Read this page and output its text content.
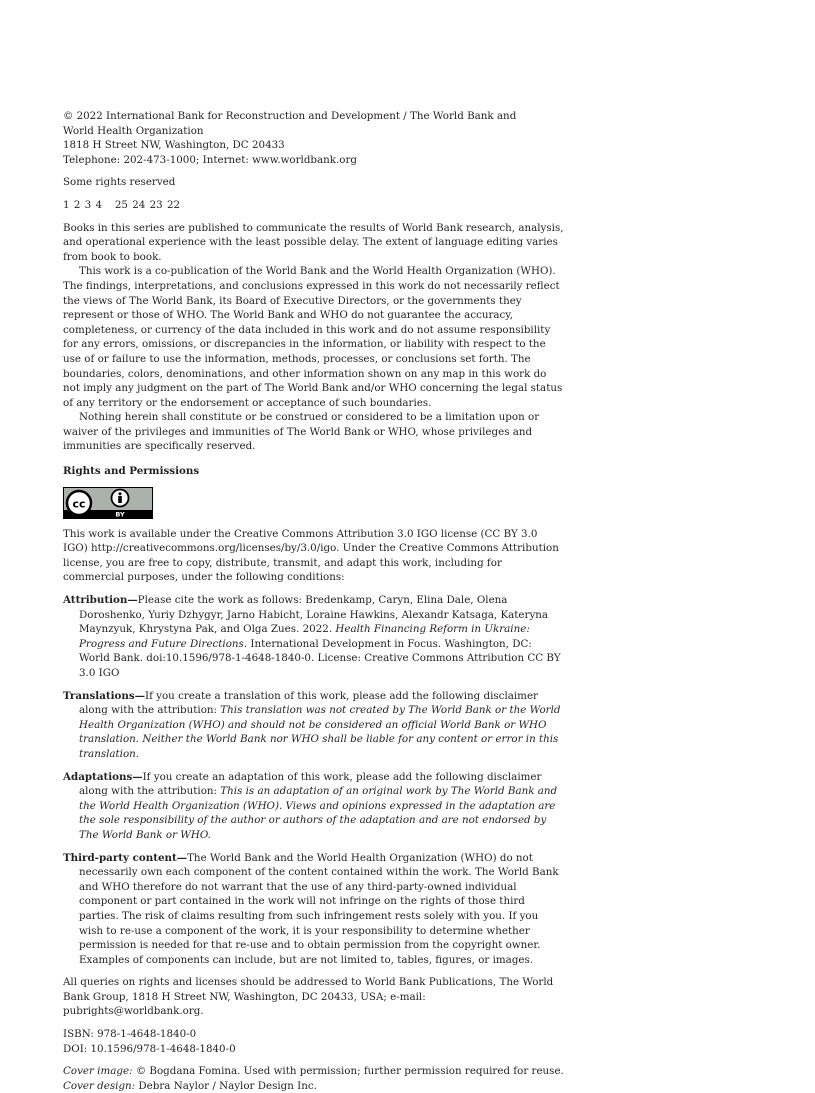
© 2022 International Bank for Reconstruction and Development / The World Bank and

World Health Organization

1818 H Street NW, Washington, DC 20433

Telephone: 202-473-1000; Internet: www.worldbank.org

Some rights reserved

1 2 3 4   25 24 23 22

Books in this series are published to communicate the results of World Bank research, analysis, and operational experience with the least possible delay. The extent of language editing varies from book to book.

This work is a co-publication of the World Bank and the World Health Organization (WHO). The findings, interpretations, and conclusions expressed in this work do not necessarily reflect the views of The World Bank, its Board of Executive Directors, or the governments they represent or those of WHO. The World Bank and WHO do not guarantee the accuracy, completeness, or currency of the data included in this work and do not assume responsibility for any errors, omissions, or discrepancies in the information, or liability with respect to the use of or failure to use the information, methods, processes, or conclusions set forth. The boundaries, colors, denominations, and other information shown on any map in this work do not imply any judgment on the part of The World Bank and/or WHO concerning the legal status of any territory or the endorsement or acceptance of such boundaries.

Nothing herein shall constitute or be construed or considered to be a limitation upon or waiver of the privileges and immunities of The World Bank or WHO, whose privileges and immunities are specifically reserved.

Rights and Permissions

cc
BY

This work is available under the Creative Commons Attribution 3.0 IGO license (CC BY 3.0 IGO) http://creativecommons.org/licenses/by/3.0/igo. Under the Creative Commons Attribution license, you are free to copy, distribute, transmit, and adapt this work, including for commercial purposes, under the following conditions:

Attribution—Please cite the work as follows: Bredenkamp, Caryn, Elina Dale, Olena Doroshenko, Yuriy Dzhygyr, Jarno Habicht, Loraine Hawkins, Alexandr Katsaga, Kateryna Maynzyuk, Khrystyna Pak, and Olga Zues. 2022. Health Financing Reform in Ukraine: Progress and Future Directions. International Development in Focus. Washington, DC: World Bank. doi:10.1596/978-1-4648-1840-0. License: Creative Commons Attribution CC BY 3.0 IGO

Translations—If you create a translation of this work, please add the following disclaimer along with the attribution: This translation was not created by The World Bank or the World Health Organization (WHO) and should not be considered an official World Bank or WHO translation. Neither the World Bank nor WHO shall be liable for any content or error in this translation.

Adaptations—If you create an adaptation of this work, please add the following disclaimer along with the attribution: This is an adaptation of an original work by The World Bank and the World Health Organization (WHO). Views and opinions expressed in the adaptation are the sole responsibility of the author or authors of the adaptation and are not endorsed by The World Bank or WHO.

Third-party content—The World Bank and the World Health Organization (WHO) do not necessarily own each component of the content contained within the work. The World Bank and WHO therefore do not warrant that the use of any third-party-owned individual component or part contained in the work will not infringe on the rights of those third parties. The risk of claims resulting from such infringement rests solely with you. If you wish to re-use a component of the work, it is your responsibility to determine whether permission is needed for that re-use and to obtain permission from the copyright owner. Examples of components can include, but are not limited to, tables, figures, or images.

All queries on rights and licenses should be addressed to World Bank Publications, The World Bank Group, 1818 H Street NW, Washington, DC 20433, USA; e-mail: pubrights@worldbank.org.

ISBN: 978-1-4648-1840-0

DOI: 10.1596/978-1-4648-1840-0

Cover image: © Bogdana Fomina. Used with permission; further permission required for reuse.

Cover design: Debra Naylor / Naylor Design Inc.
